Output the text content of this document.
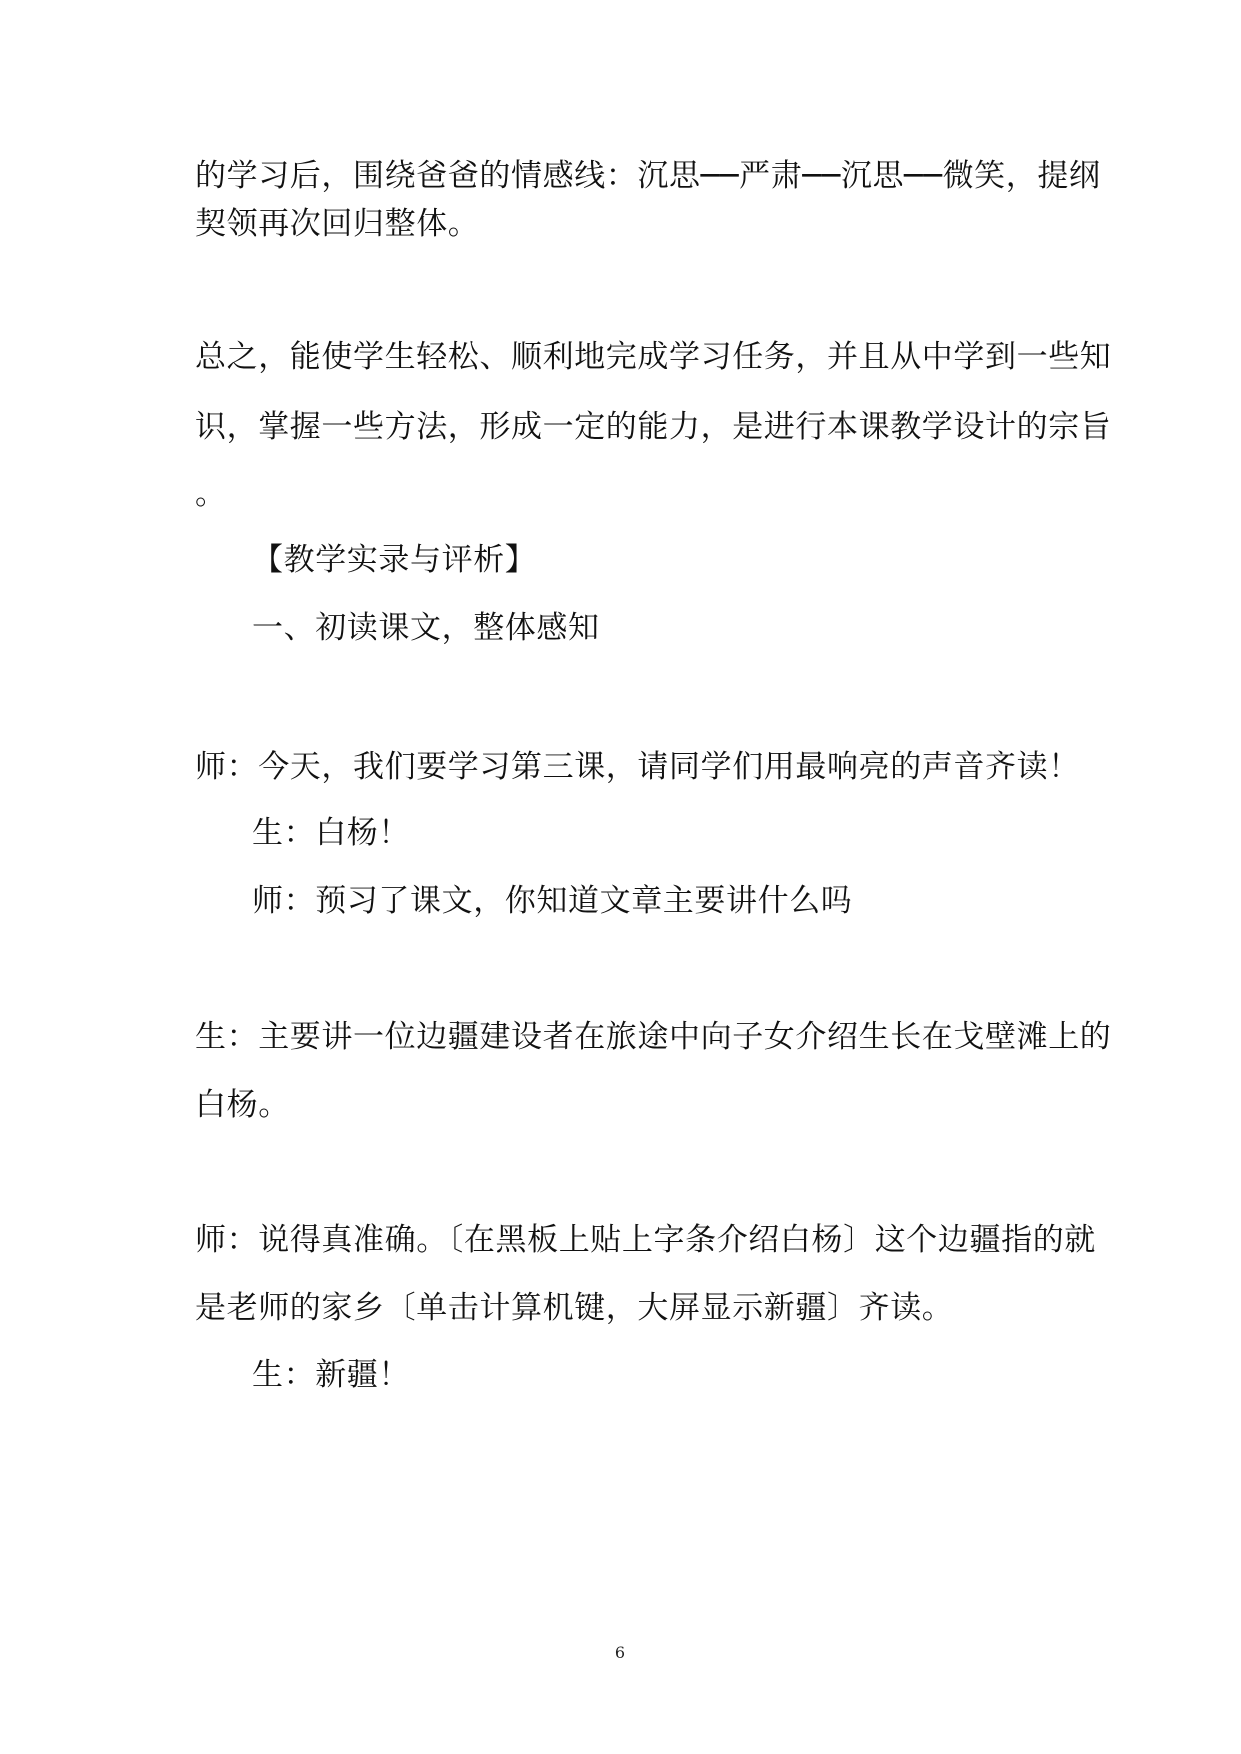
的学习后，围绕爸爸的情感线：沉思──严肃──沉思──微笑，提纲
契领再次回归整体。
总之，能使学生轻松、顺利地完成学习任务，并且从中学到一些知
识，掌握一些方法，形成一定的能力，是进行本课教学设计的宗旨
。
【教学实录与评析】
一、初读课文，整体感知
师：今天，我们要学习第三课，请同学们用最响亮的声音齐读！
生：白杨！
师：预习了课文，你知道文章主要讲什么吗
生：主要讲一位边疆建设者在旅途中向子女介绍生长在戈壁滩上的
白杨。
师：说得真准确。〔在黑板上贴上字条介绍白杨〕这个边疆指的就
是老师的家乡〔单击计算机键，大屏显示新疆〕齐读。
生：新疆！
6
